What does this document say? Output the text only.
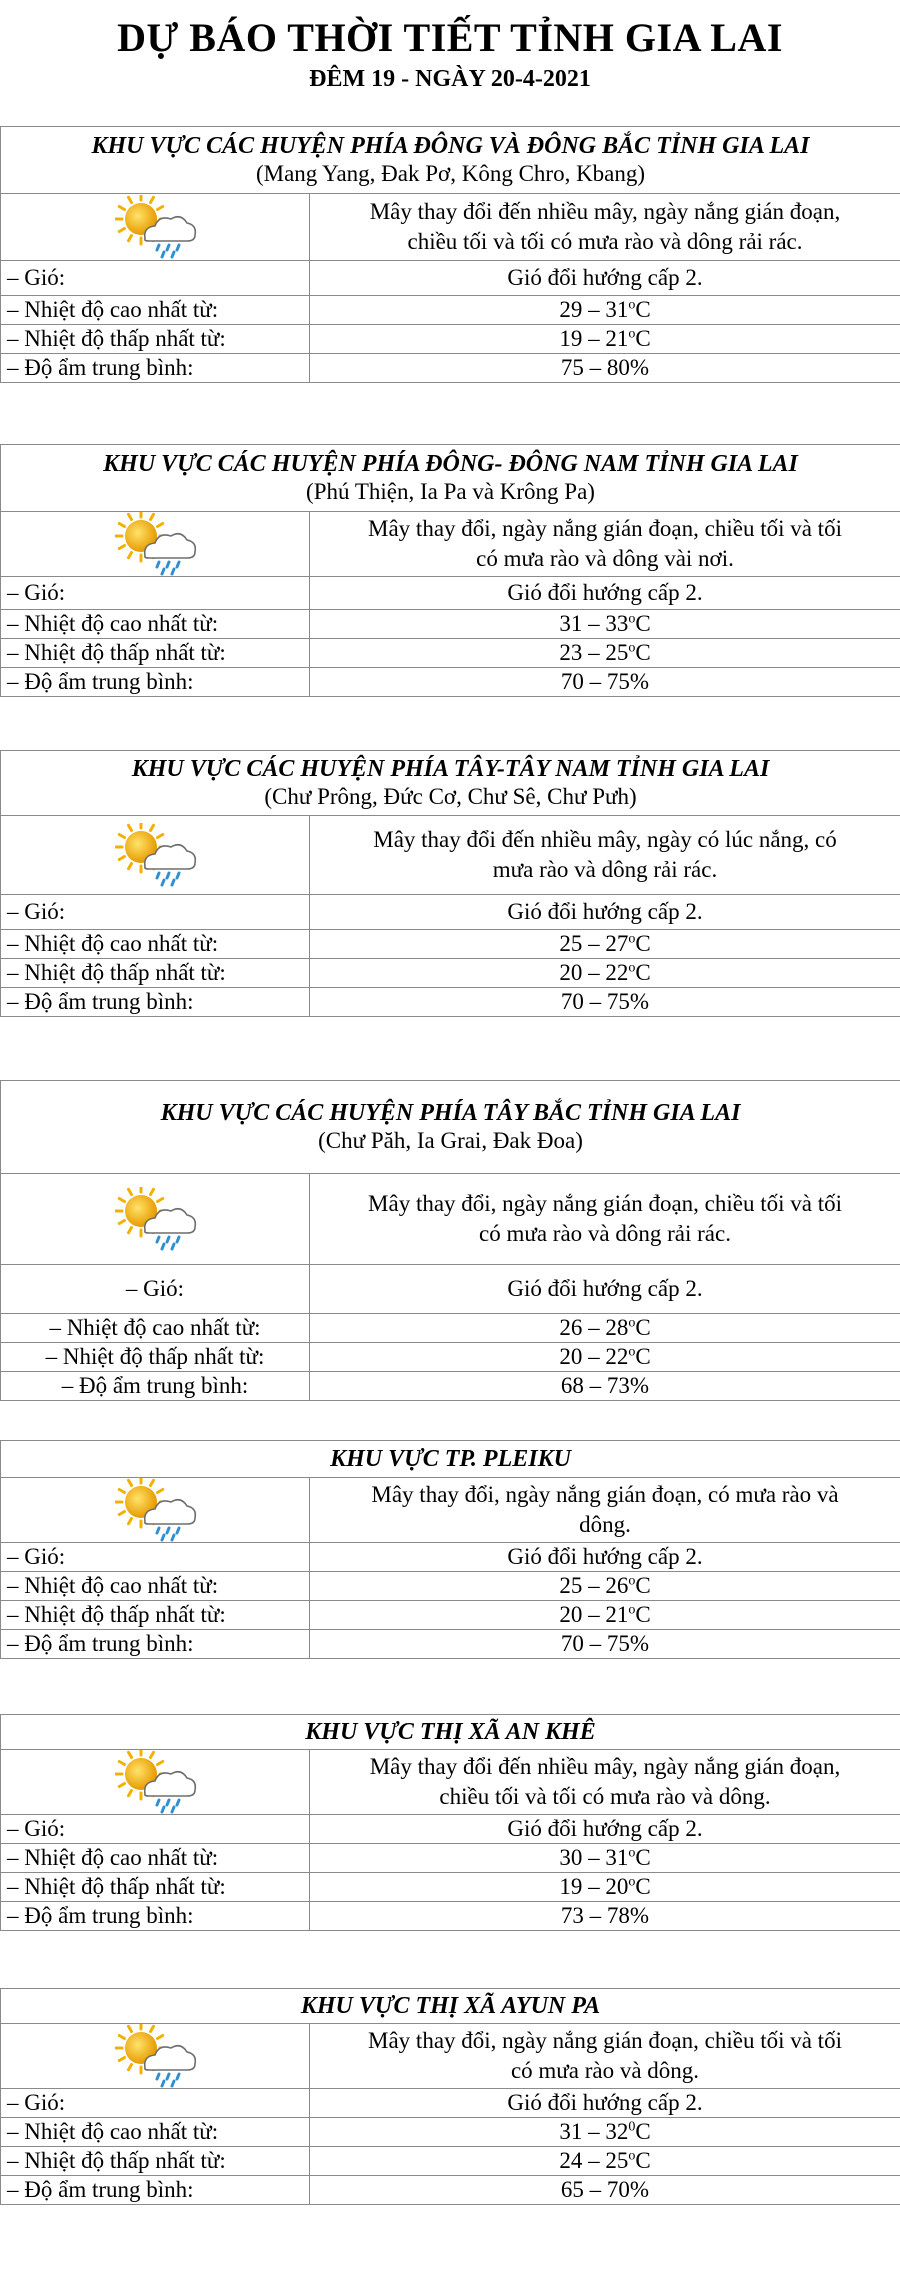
DỰ BÁO THỜI TIẾT TỈNH GIA LAI
ĐÊM 19 - NGÀY 20-4-2021
KHU VỰC CÁC HUYỆN PHÍA ĐÔNG VÀ ĐÔNG BẮC TỈNH GIA LAI
(Mang Yang, Đak Pơ, Kông Chro, Kbang)	

Mây thay đổi đến nhiều mây, ngày nắng gián đoạn,
chiều tối và tối có mưa rào và dông rải rác.

– Gió:	Gió đổi hướng cấp 2.
– Nhiệt độ cao nhất từ:	29 – 31$^o$C
– Nhiệt độ thấp nhất từ:	19 – 21$^o$C
– Độ ẩm trung bình:	75 – 80%
KHU VỰC CÁC HUYỆN PHÍA ĐÔNG- ĐÔNG NAM TỈNH GIA LAI
(Phú Thiện, Ia Pa và Krông Pa)	

Mây thay đổi, ngày nắng gián đoạn, chiều tối và tối
có mưa rào và dông vài nơi.

– Gió:	Gió đổi hướng cấp 2.
– Nhiệt độ cao nhất từ:	31 – 33$^o$C
– Nhiệt độ thấp nhất từ:	23 – 25$^o$C
– Độ ẩm trung bình:	70 – 75%
KHU VỰC CÁC HUYỆN PHÍA TÂY-TÂY NAM TỈNH GIA LAI
(Chư Prông, Đức Cơ, Chư Sê, Chư Pưh)	

Mây thay đổi đến nhiều mây, ngày có lúc nắng, có
mưa rào và dông rải rác.

– Gió:	Gió đổi hướng cấp 2.
– Nhiệt độ cao nhất từ:	25 – 27$^o$C
– Nhiệt độ thấp nhất từ:	20 – 22$^o$C
– Độ ẩm trung bình:	70 – 75%
KHU VỰC CÁC HUYỆN PHÍA TÂY BẮC TỈNH GIA LAI
(Chư Păh, Ia Grai, Đak Đoa)	

Mây thay đổi, ngày nắng gián đoạn, chiều tối và tối
có mưa rào và dông rải rác.

– Gió:	Gió đổi hướng cấp 2.
– Nhiệt độ cao nhất từ:	26 – 28$^o$C
– Nhiệt độ thấp nhất từ:	20 – 22$^o$C
– Độ ẩm trung bình:	68 – 73%
KHU VỰC TP. PLEIKU	

Mây thay đổi, ngày nắng gián đoạn, có mưa rào và
dông.

– Gió:	Gió đổi hướng cấp 2.
– Nhiệt độ cao nhất từ:	25 – 26$^o$C
– Nhiệt độ thấp nhất từ:	20 – 21$^o$C
– Độ ẩm trung bình:	70 – 75%
KHU VỰC THỊ XÃ AN KHÊ	

Mây thay đổi đến nhiều mây, ngày nắng gián đoạn,
chiều tối và tối có mưa rào và dông.

– Gió:	Gió đổi hướng cấp 2.
– Nhiệt độ cao nhất từ:	30 – 31$^o$C
– Nhiệt độ thấp nhất từ:	19 – 20$^o$C
– Độ ẩm trung bình:	73 – 78%
KHU VỰC THỊ XÃ AYUN PA	

Mây thay đổi, ngày nắng gián đoạn, chiều tối và tối
có mưa rào và dông.

– Gió:	Gió đổi hướng cấp 2.
– Nhiệt độ cao nhất từ:	$31 - 32^0C$
– Nhiệt độ thấp nhất từ:	24 – 25$^o$C
– Độ ẩm trung bình:	65 – 70%
